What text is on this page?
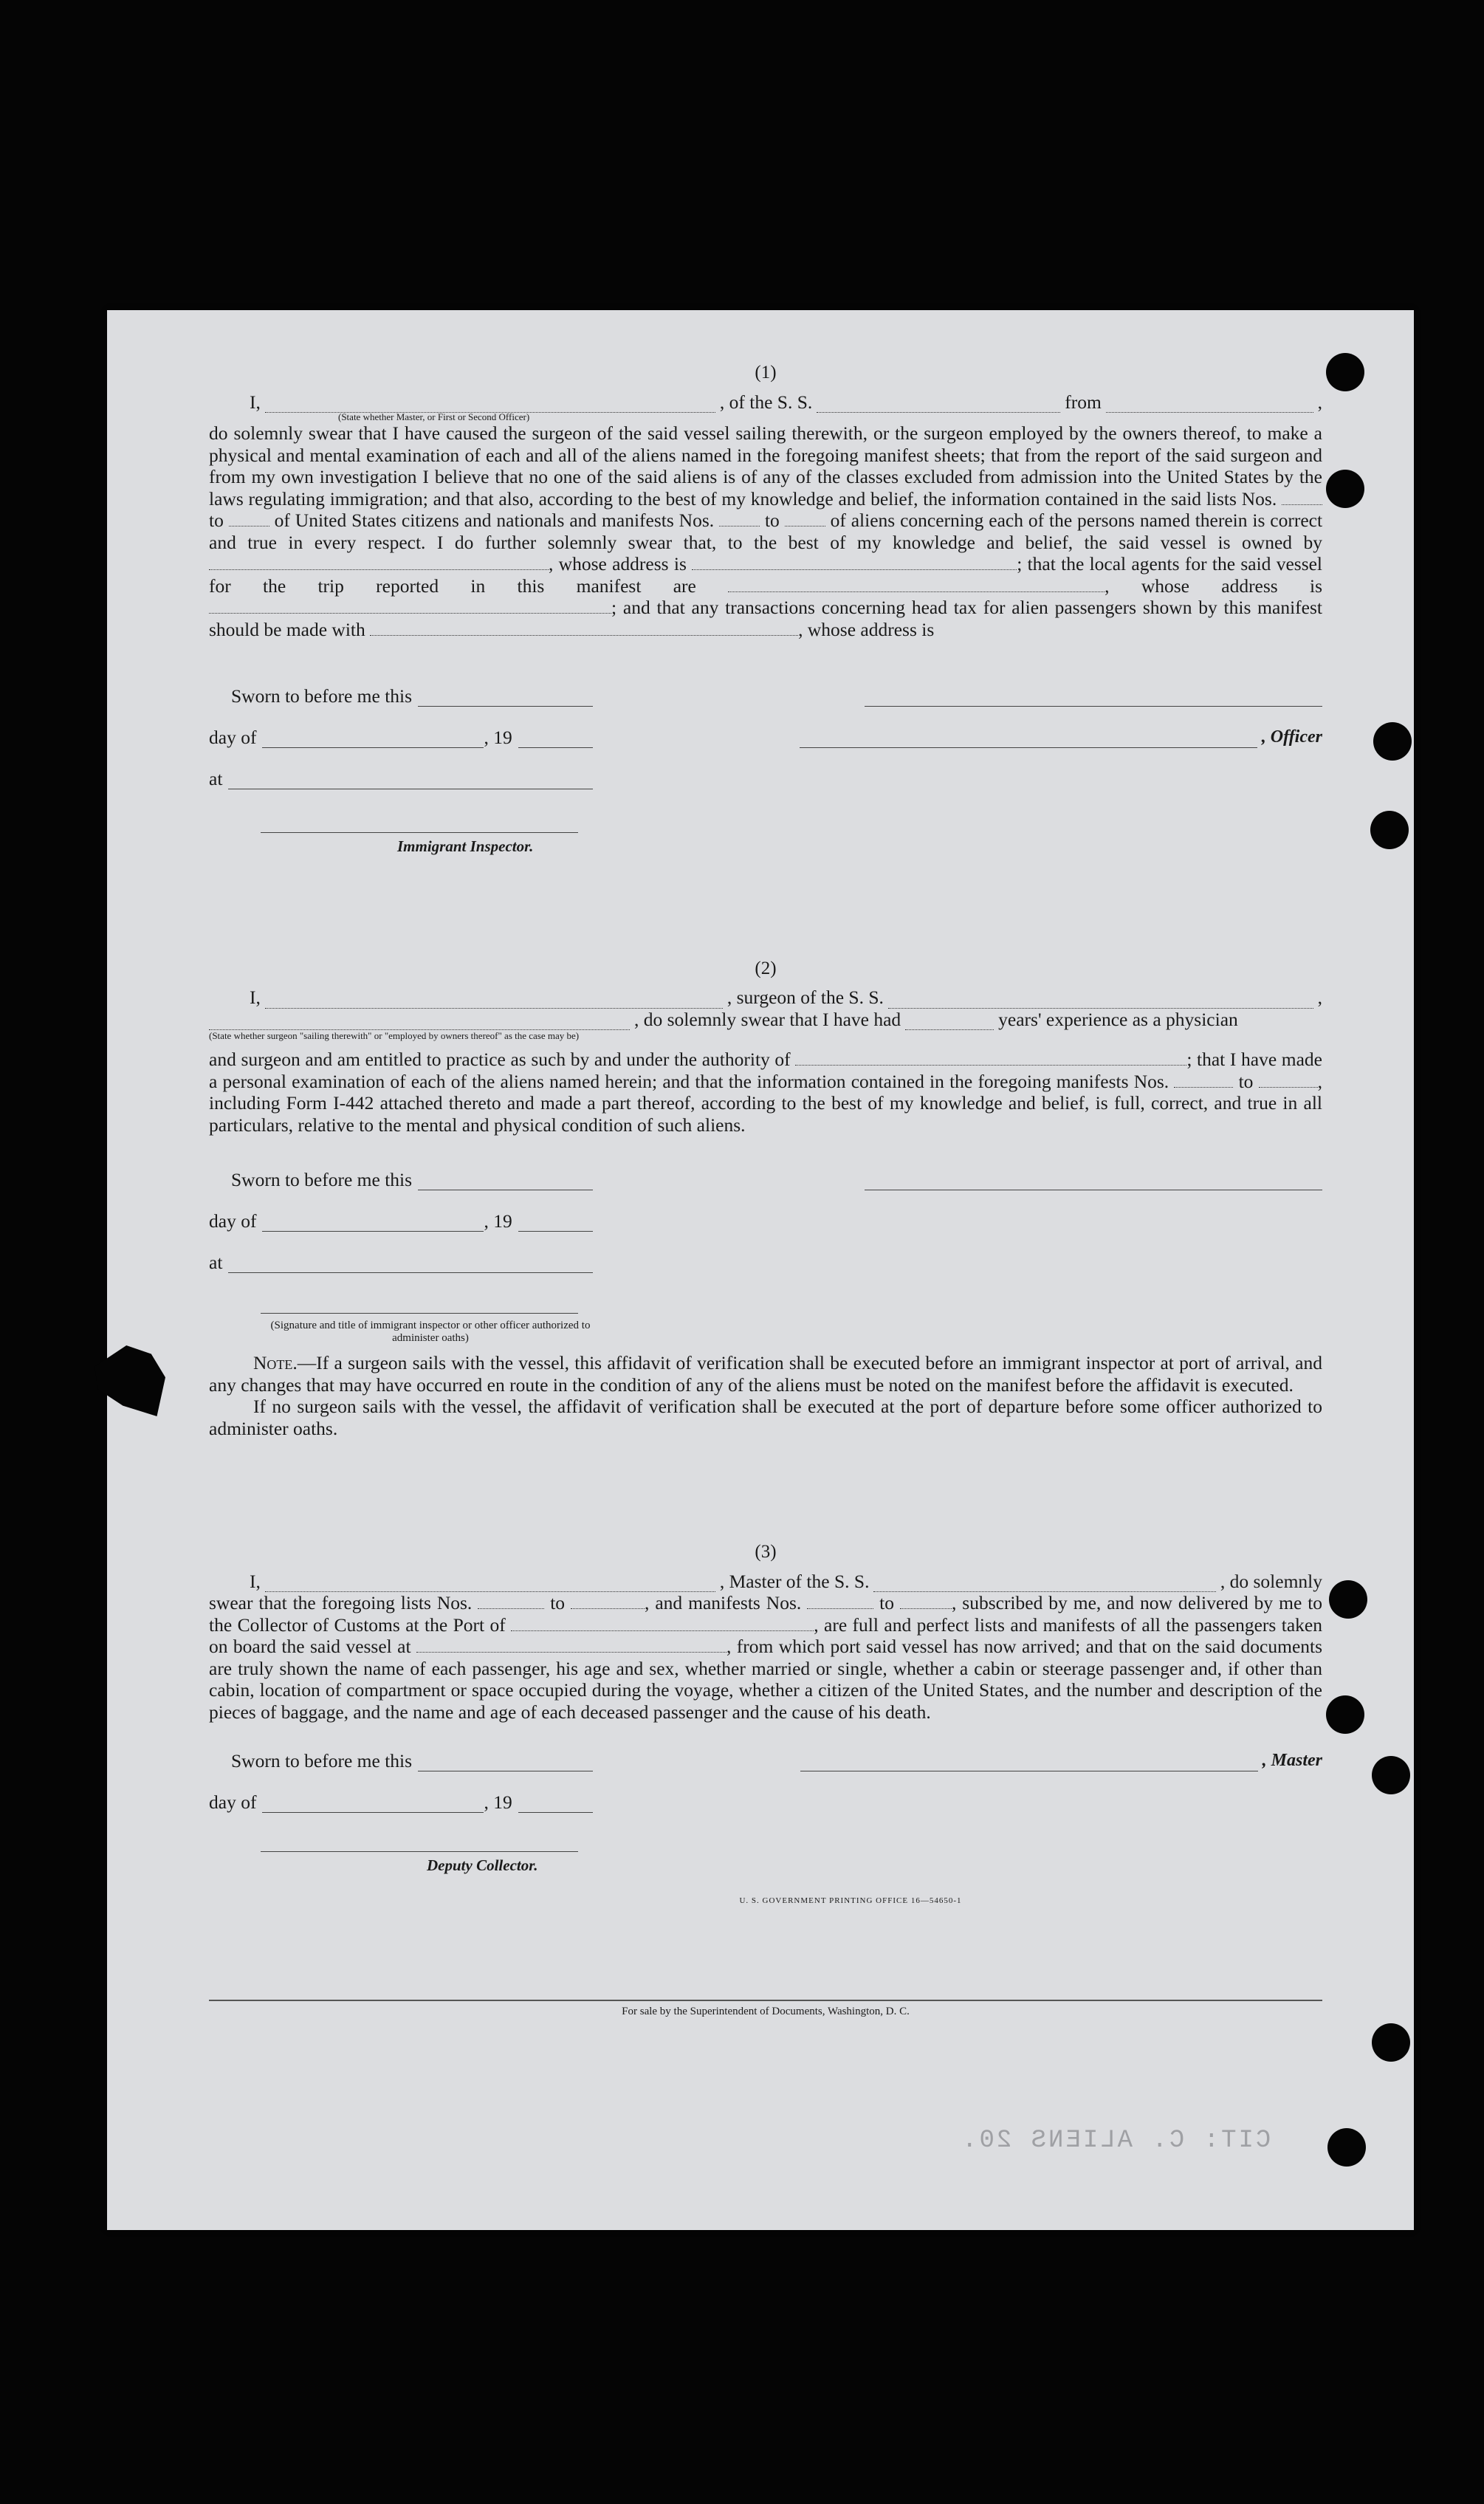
CIT: C. ALIENS 20.
(1)
I,	, of the S. S.	from	,
(State whether Master, or First or Second Officer)

do solemnly swear that I have caused the surgeon of the said vessel sailing therewith, or the surgeon employed by the owners thereof, to make a physical and mental examination of each and all of the aliens named in the foregoing manifest sheets; that from the report of the said surgeon and from my own investigation I believe that no one of the said aliens is of any of the classes excluded from admission into the United States by the laws regulating immigration; and that also, according to the best of my knowledge and belief, the information contained in the said lists Nos.  to	of United States citizens and nationals and manifests Nos.	to	of aliens concerning each of the persons named therein is correct and true in every respect. I do further solemnly swear that, to the best of my knowledge and belief, the said vessel is owned by , whose address is	; that the local agents for the said vessel for the trip reported in this manifest are	, whose address is ; and that any transactions concerning head tax for alien passengers shown by this manifest should be made with	, whose address is

Sworn to before me this
day of	, 19	, Officer
at
Immigrant Inspector.
(2)
I,	, surgeon of the S. S.	,
, do solemnly swear that I have had	years' experience as a physician
(State whether surgeon "sailing therewith" or "employed by owners thereof" as the case may be)

and surgeon and am entitled to practice as such by and under the authority of	; that I have made a personal examination of each of the aliens named herein; and that the information contained in the foregoing manifests Nos.	to	, including Form I-442 attached thereto and made a part thereof, according to the best of my knowledge and belief, is full, correct, and true in all particulars, relative to the mental and physical condition of such aliens.

Sworn to before me this
day of	, 19
at
(Signature and title of immigrant inspector or other officer authorized to administer oaths)

Note.—If a surgeon sails with the vessel, this affidavit of verification shall be executed before an immigrant inspector at port of arrival, and any changes that may have occurred en route in the condition of any of the aliens must be noted on the manifest before the affidavit is executed.

If no surgeon sails with the vessel, the affidavit of verification shall be executed at the port of departure before some officer authorized to administer oaths.

(3)
I,	, Master of the S. S.	, do solemnly

swear that the foregoing lists Nos.	to	, and manifests Nos.	to	, subscribed by me, and now delivered by me to the Collector of Customs at the Port of	, are full and perfect lists and manifests of all the passengers taken on board the said vessel at	, from which port said vessel has now arrived; and that on the said documents are truly shown the name of each passenger, his age and sex, whether married or single, whether a cabin or steerage passenger and, if other than cabin, location of compartment or space occupied during the voyage, whether a citizen of the United States, and the number and description of the pieces of baggage, and the name and age of each deceased passenger and the cause of his death.

Sworn to before me this	, Master
day of	, 19
Deputy Collector.
U. S. GOVERNMENT PRINTING OFFICE 16—54650-1
For sale by the Superintendent of Documents, Washington, D. C.
